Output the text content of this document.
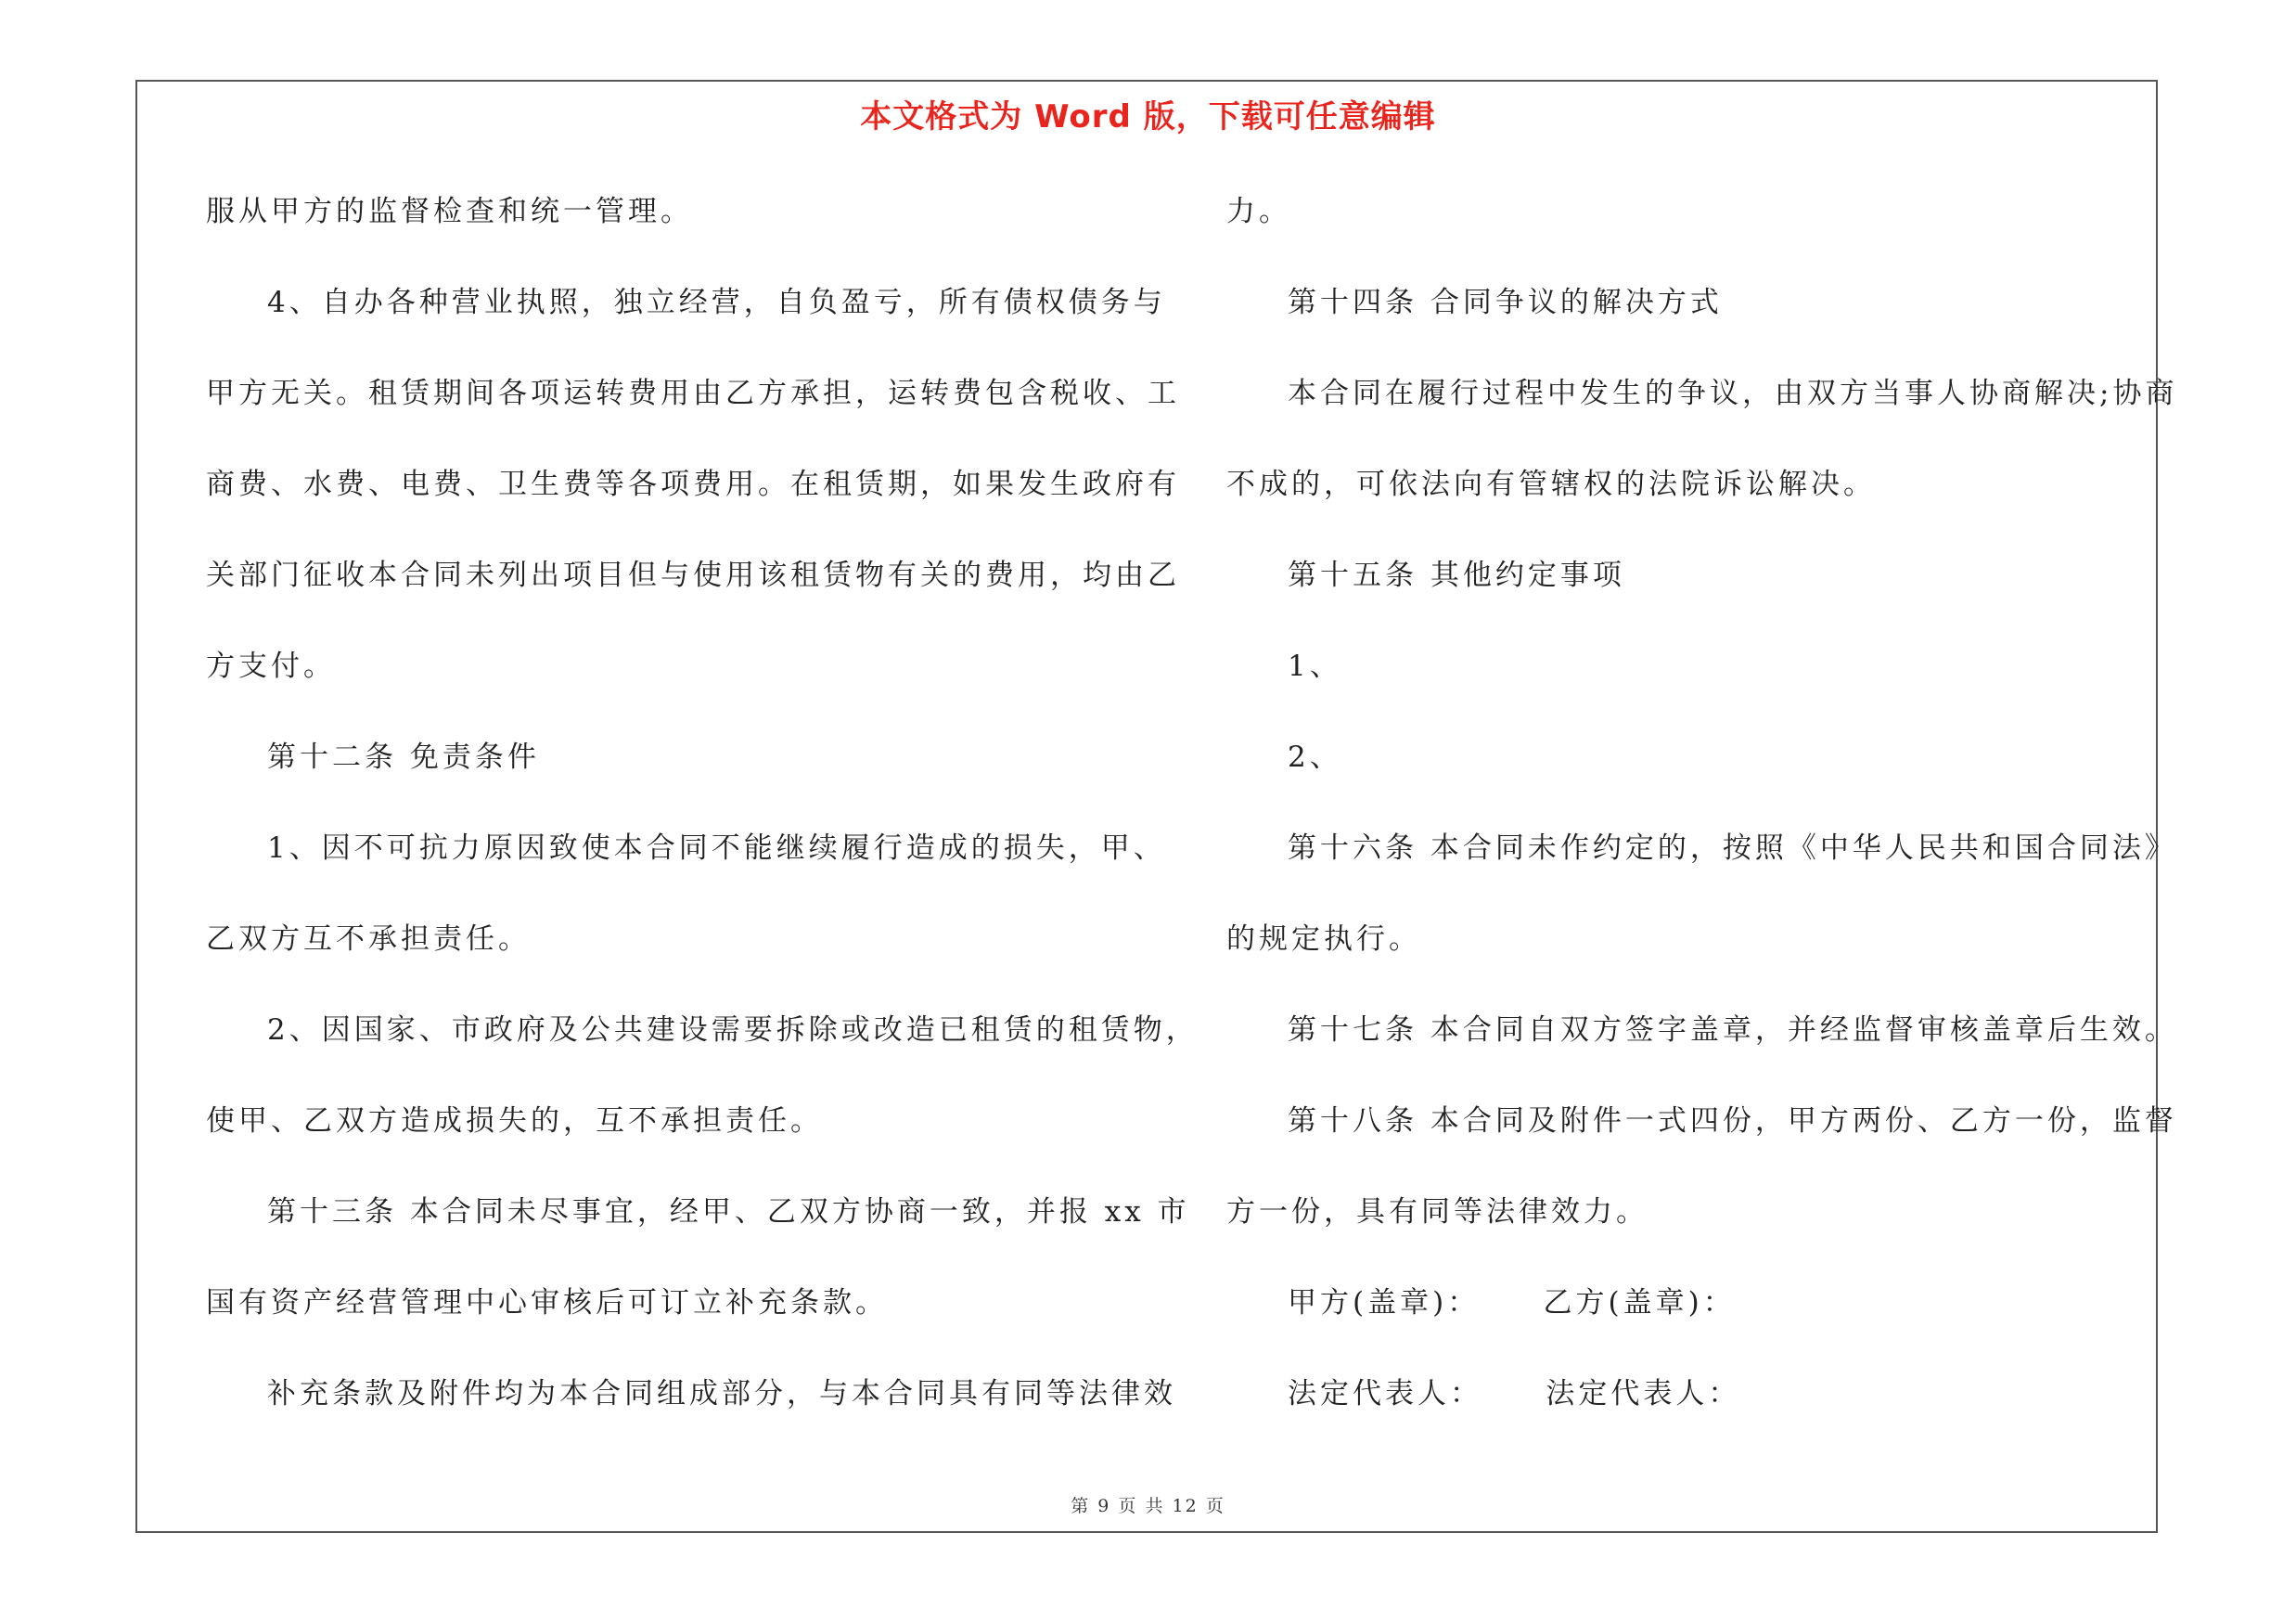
本文格式为 Word 版，下载可任意编辑
服从甲方的监督检查和统一管理。
4、自办各种营业执照，独立经营，自负盈亏，所有债权债务与
甲方无关。租赁期间各项运转费用由乙方承担，运转费包含税收、工
商费、水费、电费、卫生费等各项费用。在租赁期，如果发生政府有
关部门征收本合同未列出项目但与使用该租赁物有关的费用，均由乙
方支付。
第十二条 免责条件
1、因不可抗力原因致使本合同不能继续履行造成的损失，甲、
乙双方互不承担责任。
2、因国家、市政府及公共建设需要拆除或改造已租赁的租赁物，
使甲、乙双方造成损失的，互不承担责任。
第十三条 本合同未尽事宜，经甲、乙双方协商一致，并报 xx 市
国有资产经营管理中心审核后可订立补充条款。
补充条款及附件均为本合同组成部分，与本合同具有同等法律效
力。
第十四条 合同争议的解决方式
本合同在履行过程中发生的争议，由双方当事人协商解决;协商
不成的，可依法向有管辖权的法院诉讼解决。
第十五条 其他约定事项
1、
2、
第十六条 本合同未作约定的，按照《中华人民共和国合同法》
的规定执行。
第十七条 本合同自双方签字盖章，并经监督审核盖章后生效。
第十八条 本合同及附件一式四份，甲方两份、乙方一份，监督
方一份，具有同等法律效力。
甲方(盖章)：　　 乙方(盖章)：
法定代表人：　　 法定代表人：
第 9 页 共 12 页
